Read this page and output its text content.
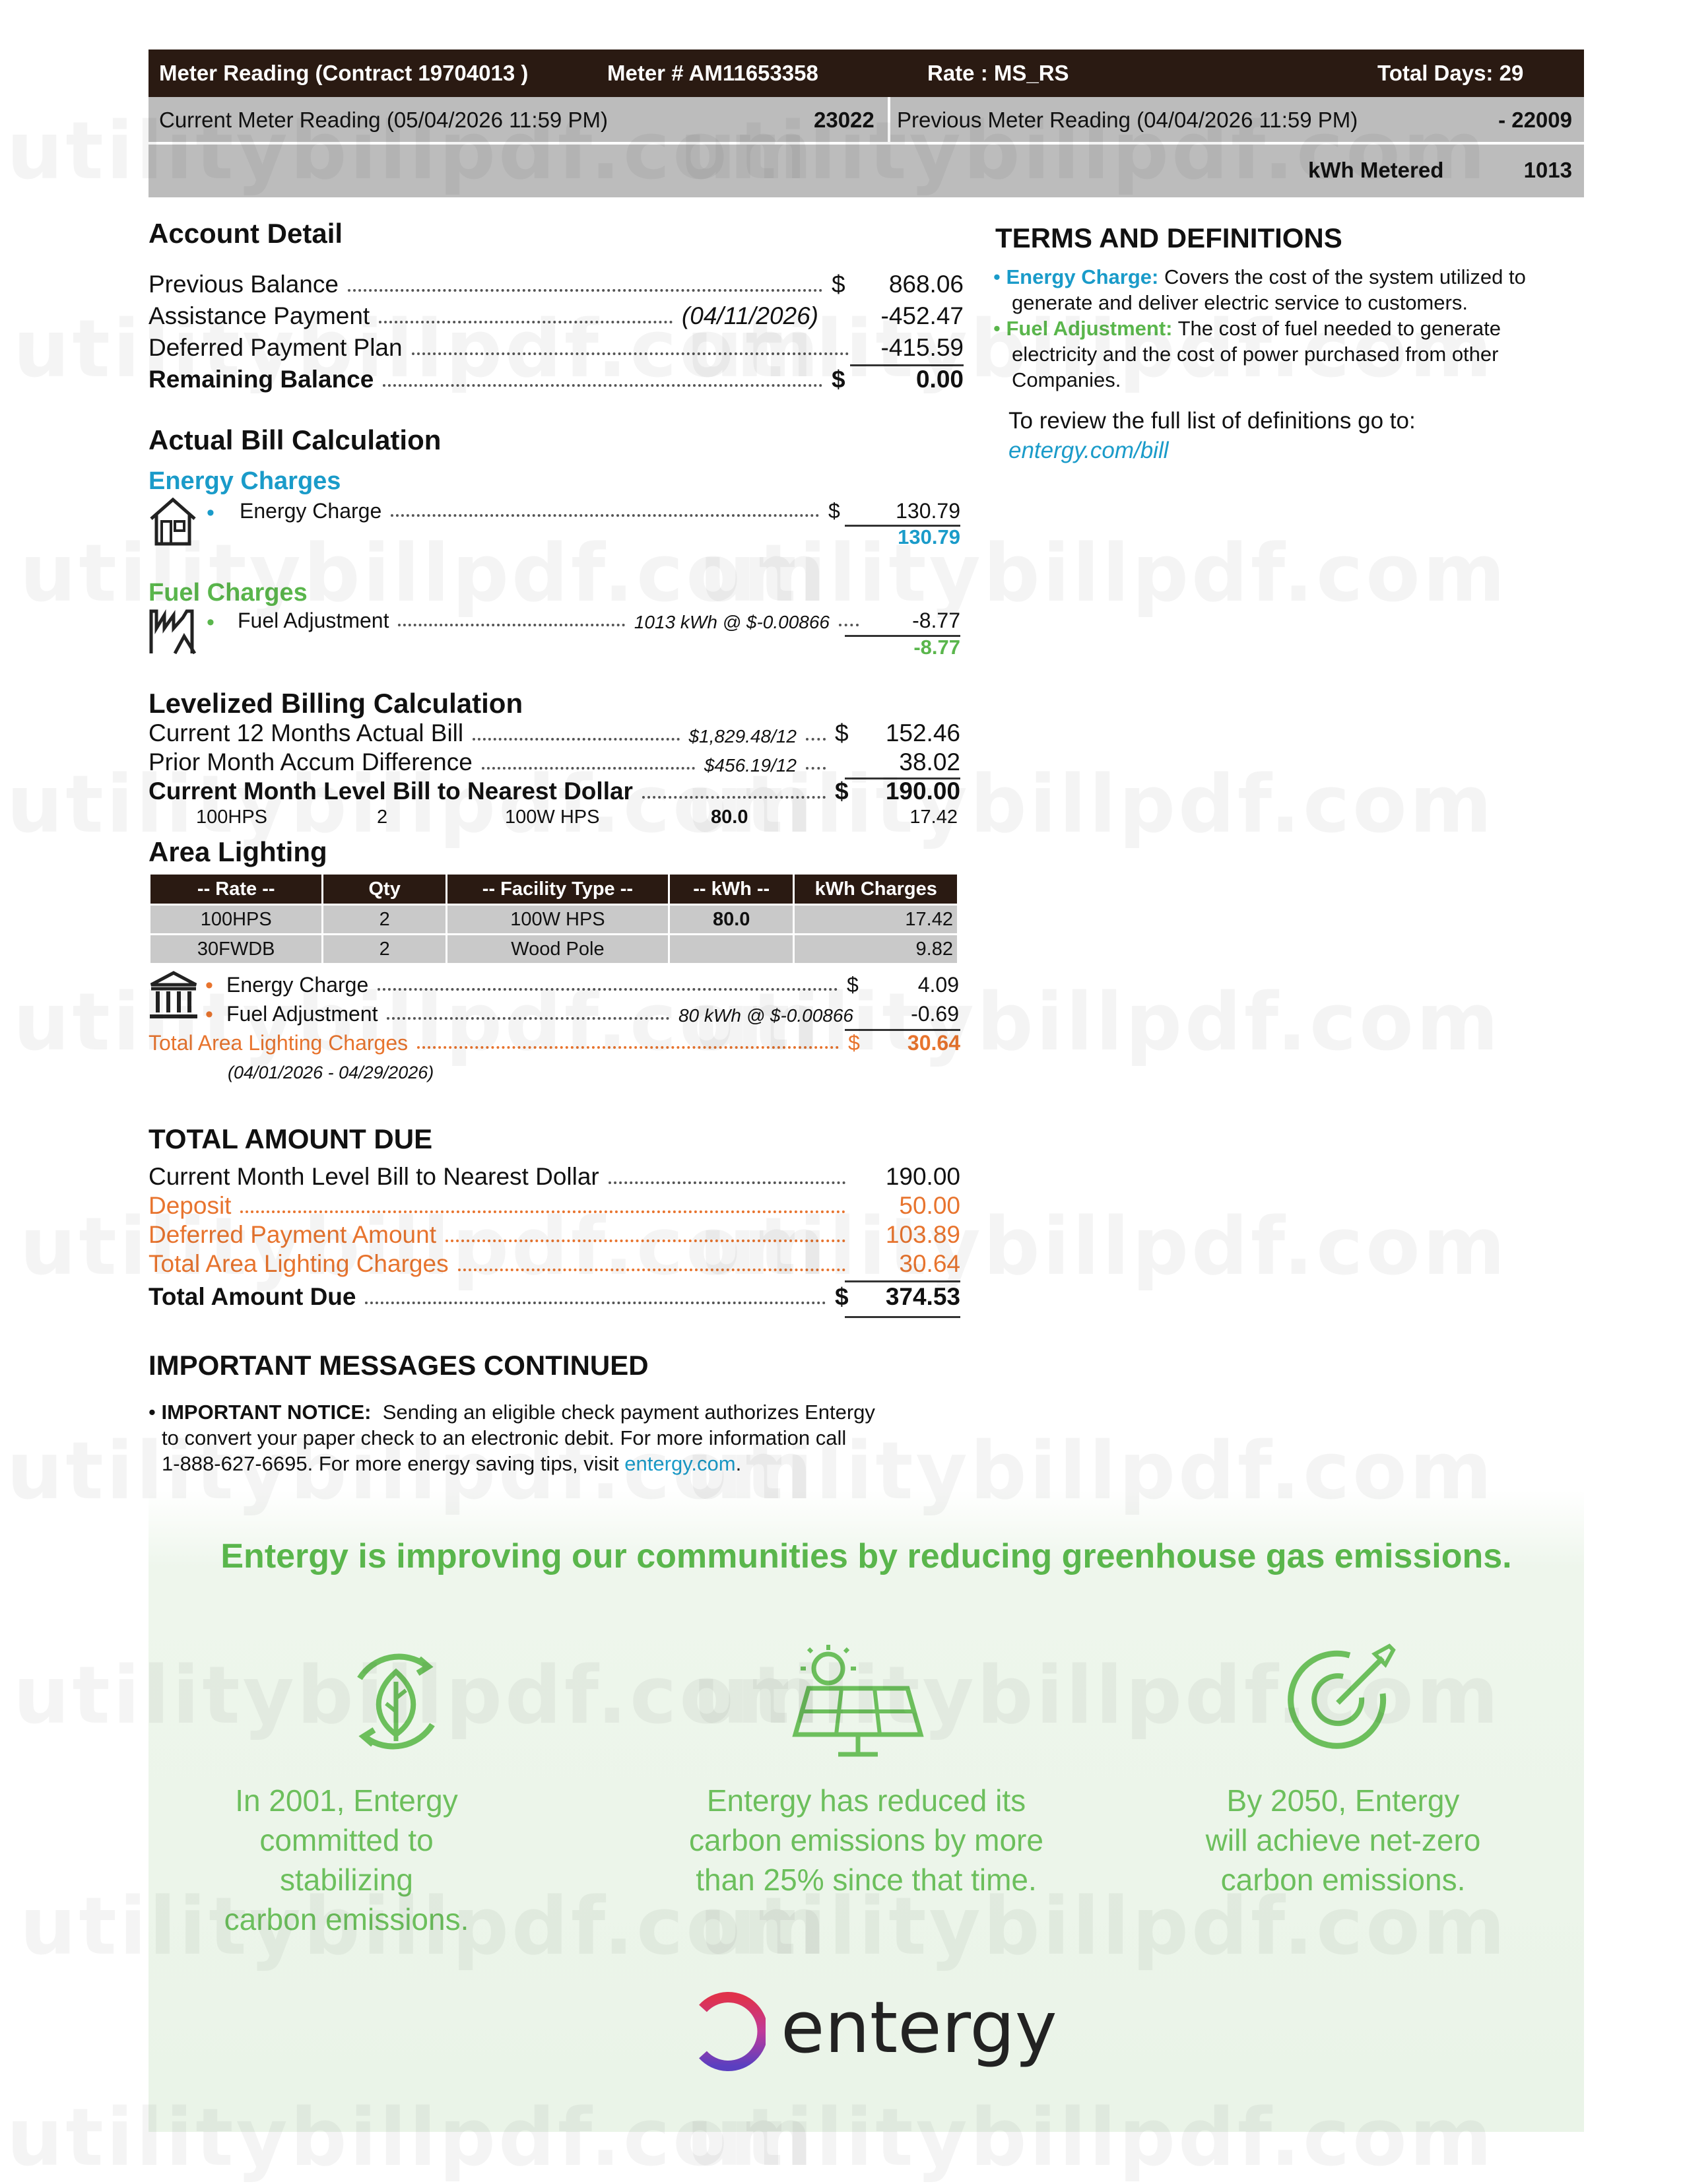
Meter Reading (Contract 19704013 )	Meter # AM11653358	Rate : MS_RS	Total Days: 29
Current Meter Reading (05/04/2026 11:59 PM)	23022 Previous Meter Reading (04/04/2026 11:59 PM)	- 22009
kWh Metered	1013
Account Detail
Previous Balance	$	868.06
Assistance Payment	(04/11/2026)	-452.47
Deferred Payment Plan	-415.59
Remaining Balance	$	0.00
Actual Bill Calculation
Energy Charges
• Energy Charge	$	130.79
130.79
Fuel Charges
• Fuel Adjustment	1013 kWh @ $-0.00866	-8.77
-8.77
Levelized Billing Calculation
Current 12 Months Actual Bill	$1,829.48/12 $	152.46
Prior Month Accum Difference	$456.19/12	38.02
Current Month Level Bill to Nearest Dollar	$	190.00
100HPS	2	100W HPS	80.0	17.42
Area Lighting
-- Rate --	Qty	-- Facility Type --	-- kWh --	kWh Charges
100HPS	2	100W HPS	80.0	17.42
30FWDB	2	Wood Pole		9.82
• Energy Charge	$	4.09
• Fuel Adjustment	80 kWh @ $-0.00866	-0.69
Total Area Lighting Charges	$	30.64
(04/01/2026 - 04/29/2026)
TOTAL AMOUNT DUE
Current Month Level Bill to Nearest Dollar	190.00
Deposit	50.00
Deferred Payment Amount	103.89
Total Area Lighting Charges	30.64
Total Amount Due	$	374.53
IMPORTANT MESSAGES CONTINUED
• IMPORTANT NOTICE: Sending an eligible check payment authorizes Entergy
to convert your paper check to an electronic debit. For more information call
1-888-627-6695. For more energy saving tips, visit entergy.com.
TERMS AND DEFINITIONS
• Energy Charge: Covers the cost of the system utilized to
generate and deliver electric service to customers.
• Fuel Adjustment: The cost of fuel needed to generate
electricity and the cost of power purchased from other
Companies.
To review the full list of definitions go to:
entergy.com/bill
Entergy is improving our communities by reducing greenhouse gas emissions.
In 2001, Entergy
committed to stabilizing
carbon emissions.
Entergy has reduced its
carbon emissions by more
than 25% since that time.
By 2050, Entergy
will achieve net-zero
carbon emissions.
entergy
